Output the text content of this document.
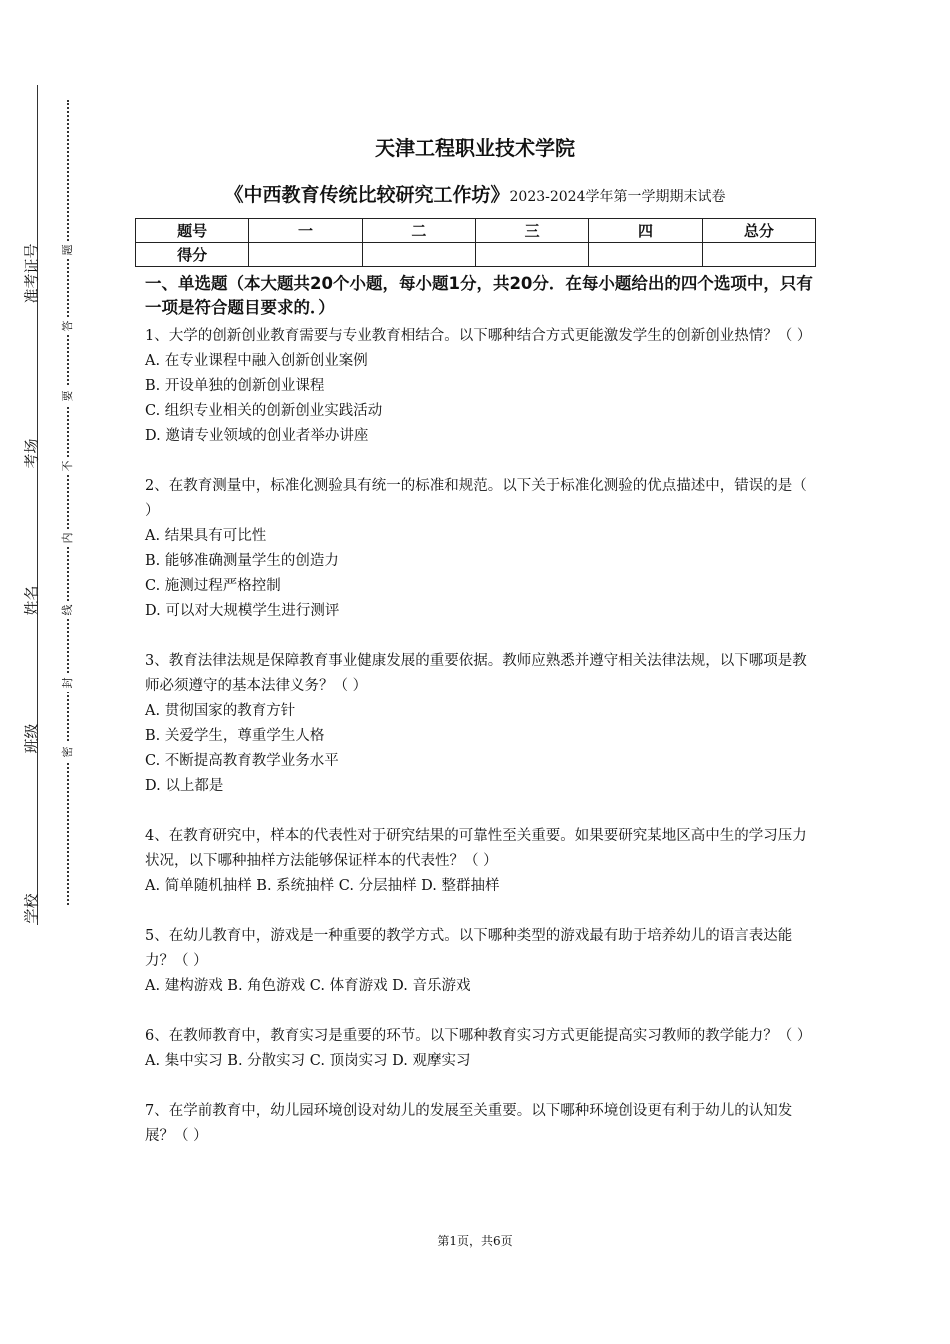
准考证号
考场
姓名
班级
学校
题
答
要
不
内
线
封
密
天津工程职业技术学院
《中西教育传统比较研究工作坊》2023-2024学年第一学期期末试卷
题号	一	二	三	四	总分
得分					

一、单选题（本大题共20个小题，每小题1分，共20分．在每小题给出的四个选项中，只有一项是符合题目要求的．）

1、大学的创新创业教育需要与专业教育相结合。以下哪种结合方式更能激发学生的创新创业热情？（ ）

A. 在专业课程中融入创新创业案例

B. 开设单独的创新创业课程

C. 组织专业相关的创新创业实践活动

D. 邀请专业领域的创业者举办讲座

2、在教育测量中，标准化测验具有统一的标准和规范。以下关于标准化测验的优点描述中，错误的是（ ）

A. 结果具有可比性

B. 能够准确测量学生的创造力

C. 施测过程严格控制

D. 可以对大规模学生进行测评

3、教育法律法规是保障教育事业健康发展的重要依据。教师应熟悉并遵守相关法律法规，以下哪项是教师必须遵守的基本法律义务？（ ）

A. 贯彻国家的教育方针

B. 关爱学生，尊重学生人格

C. 不断提高教育教学业务水平

D. 以上都是

4、在教育研究中，样本的代表性对于研究结果的可靠性至关重要。如果要研究某地区高中生的学习压力状况，以下哪种抽样方法能够保证样本的代表性？（ ）

A. 简单随机抽样 B. 系统抽样 C. 分层抽样 D. 整群抽样

5、在幼儿教育中，游戏是一种重要的教学方式。以下哪种类型的游戏最有助于培养幼儿的语言表达能力？（ ）

A. 建构游戏 B. 角色游戏 C. 体育游戏 D. 音乐游戏

6、在教师教育中，教育实习是重要的环节。以下哪种教育实习方式更能提高实习教师的教学能力？（ ）

A. 集中实习 B. 分散实习 C. 顶岗实习 D. 观摩实习

7、在学前教育中，幼儿园环境创设对幼儿的发展至关重要。以下哪种环境创设更有利于幼儿的认知发展？（ ）

第1页，共6页
